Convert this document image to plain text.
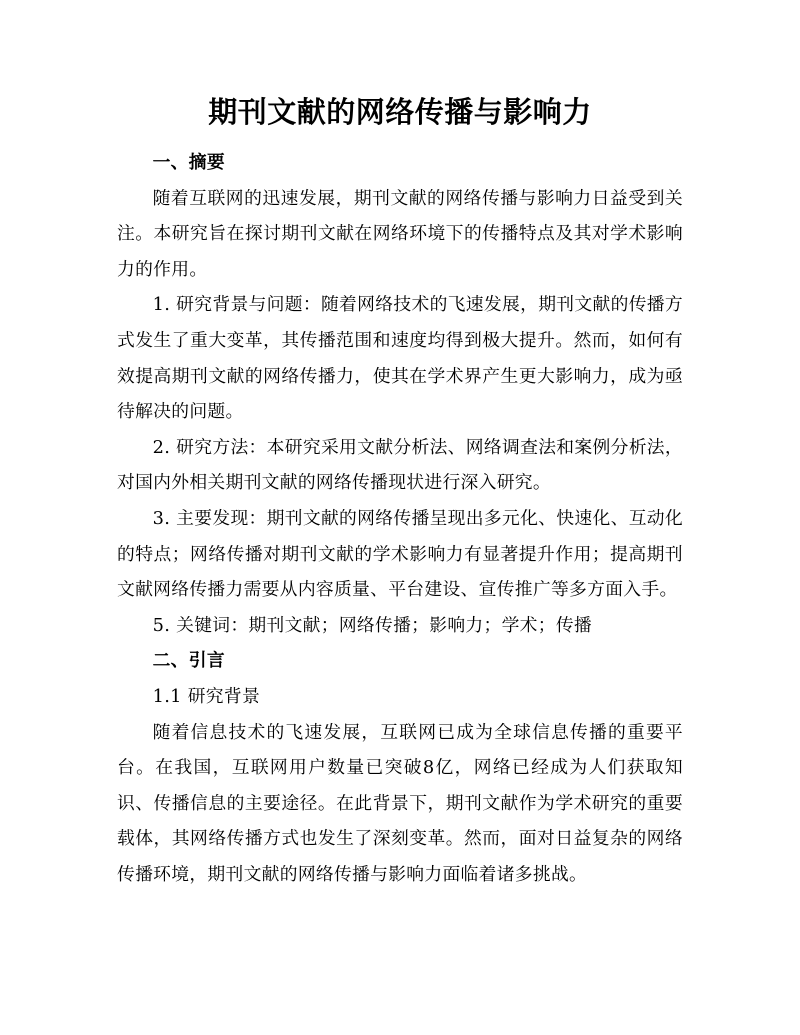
期刊文献的网络传播与影响力

一、摘要

随着互联网的迅速发展，期刊文献的网络传播与影响力日益受到关注。本研究旨在探讨期刊文献在网络环境下的传播特点及其对学术影响力的作用。

1. 研究背景与问题：随着网络技术的飞速发展，期刊文献的传播方式发生了重大变革，其传播范围和速度均得到极大提升。然而，如何有效提高期刊文献的网络传播力，使其在学术界产生更大影响力，成为亟待解决的问题。

2. 研究方法：本研究采用文献分析法、网络调查法和案例分析法，对国内外相关期刊文献的网络传播现状进行深入研究。

3. 主要发现：期刊文献的网络传播呈现出多元化、快速化、互动化的特点；网络传播对期刊文献的学术影响力有显著提升作用；提高期刊文献网络传播力需要从内容质量、平台建设、宣传推广等多方面入手。

5. 关键词：期刊文献；网络传播；影响力；学术；传播

二、引言

1.1 研究背景

随着信息技术的飞速发展，互联网已成为全球信息传播的重要平台。在我国，互联网用户数量已突破8亿，网络已经成为人们获取知识、传播信息的主要途径。在此背景下，期刊文献作为学术研究的重要载体，其网络传播方式也发生了深刻变革。然而，面对日益复杂的网络传播环境，期刊文献的网络传播与影响力面临着诸多挑战。
